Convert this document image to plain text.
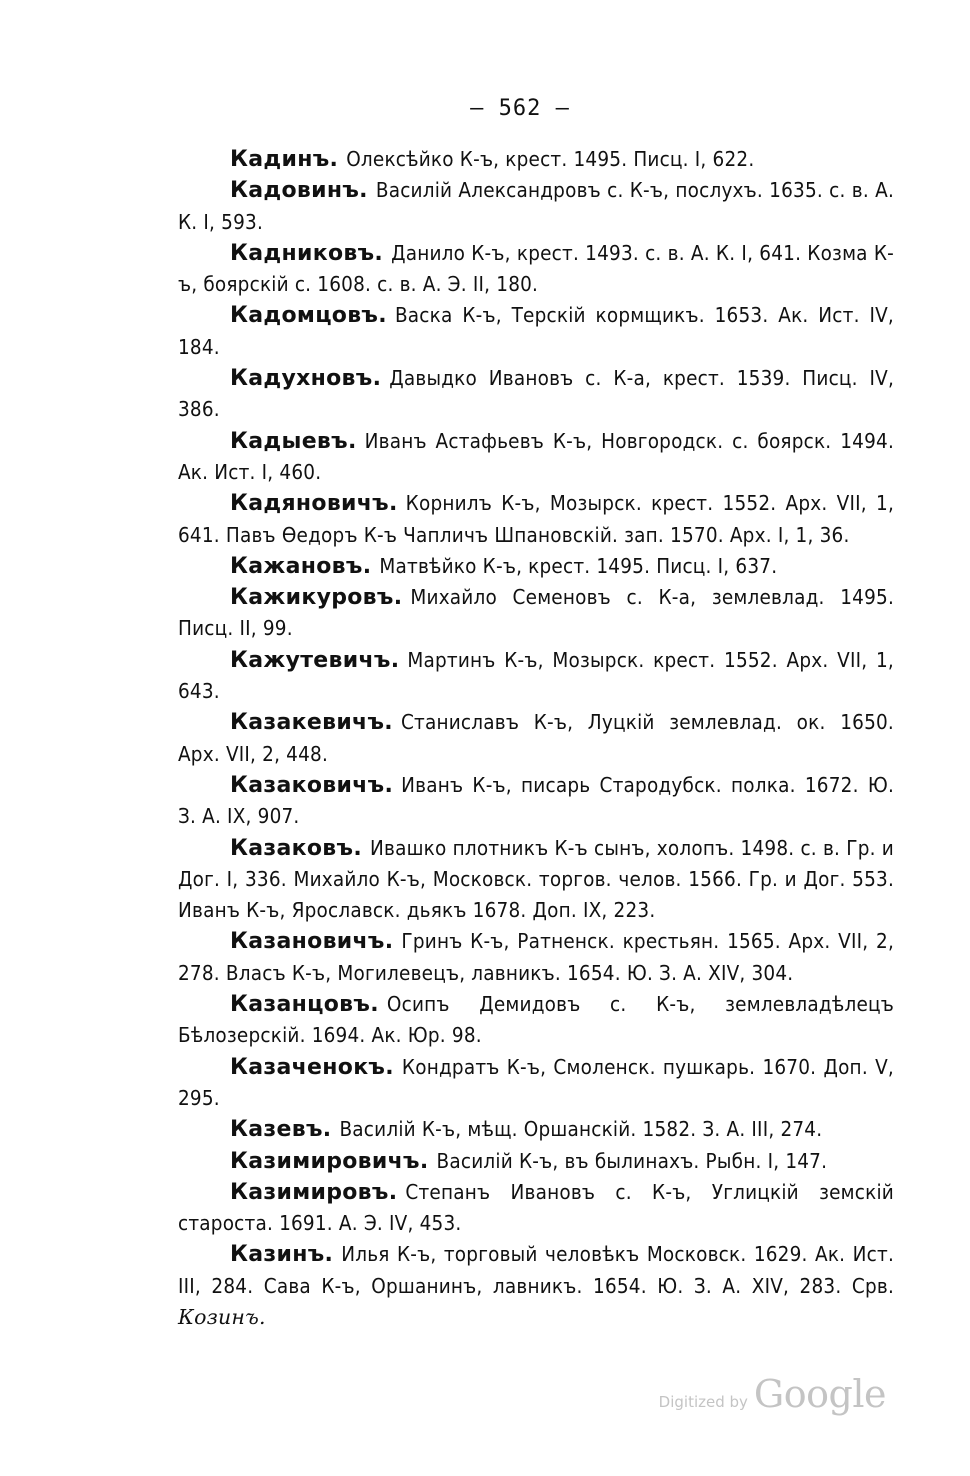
— 562 —

Кадинъ. Олексѣйко К-ъ, крест. 1495. Писц. I, 622.

Кадовинъ. Василій Александровъ с. К-ъ, послухъ. 1635. с. в. А. К. I, 593.

Кадниковъ. Данило К-ъ, крест. 1493. с. в. А. К. I, 641. Козма К-ъ, боярскій с. 1608. с. в. А. Э. II, 180.

Кадомцовъ. Васка К-ъ, Терскій кормщикъ. 1653. Ак. Ист. IV, 184.

Кадухновъ. Давыдко Ивановъ с. К-а, крест. 1539. Писц. IV, 386.

Кадыевъ. Иванъ Астафьевъ К-ъ, Новгородск. с. боярск. 1494. Ак. Ист. I, 460.

Кадяновичъ. Корнилъ К-ъ, Мозырск. крест. 1552. Арх. VII, 1, 641. Павъ Ѳедоръ К-ъ Чапличъ Шпановскій. зап. 1570. Арх. I, 1, 36.

Кажановъ. Матвѣйко К-ъ, крест. 1495. Писц. I, 637.

Кажикуровъ. Михайло Семеновъ с. К-а, землевлад. 1495. Писц. II, 99.

Кажутевичъ. Мартинъ К-ъ, Мозырск. крест. 1552. Арх. VII, 1, 643.

Казакевичъ. Станиславъ К-ъ, Луцкій землевлад. ок. 1650. Арх. VII, 2, 448.

Казаковичъ. Иванъ К-ъ, писарь Стародубск. полка. 1672. Ю. З. А. IX, 907.

Казаковъ. Ивашко плотникъ К-ъ сынъ, холопъ. 1498. с. в. Гр. и Дог. I, 336. Михайло К-ъ, Московск. торгов. челов. 1566. Гр. и Дог. 553. Иванъ К-ъ, Ярославск. дьякъ 1678. Доп. IX, 223.

Казановичъ. Гринъ К-ъ, Ратненск. крестьян. 1565. Арх. VII, 2, 278. Власъ К-ъ, Могилевецъ, лавникъ. 1654. Ю. З. А. XIV, 304.

Казанцовъ. Осипъ Демидовъ с. К-ъ, землевладѣлецъ Бѣлозерскій. 1694. Ак. Юр. 98.

Казаченокъ. Кондратъ К-ъ, Смоленск. пушкарь. 1670. Доп. V, 295.

Казевъ. Василій К-ъ, мѣщ. Оршанскій. 1582. З. А. III, 274.

Казимировичъ. Василій К-ъ, въ былинахъ. Рыбн. I, 147.

Казимировъ. Степанъ Ивановъ с. К-ъ, Углицкій земскій староста. 1691. А. Э. IV, 453.

Казинъ. Илья К-ъ, торговый человѣкъ Московск. 1629. Ак. Ист. III, 284. Сава К-ъ, Оршанинъ, лавникъ. 1654. Ю. З. А. XIV, 283. Срв. Козинъ.

Digitized by Google
